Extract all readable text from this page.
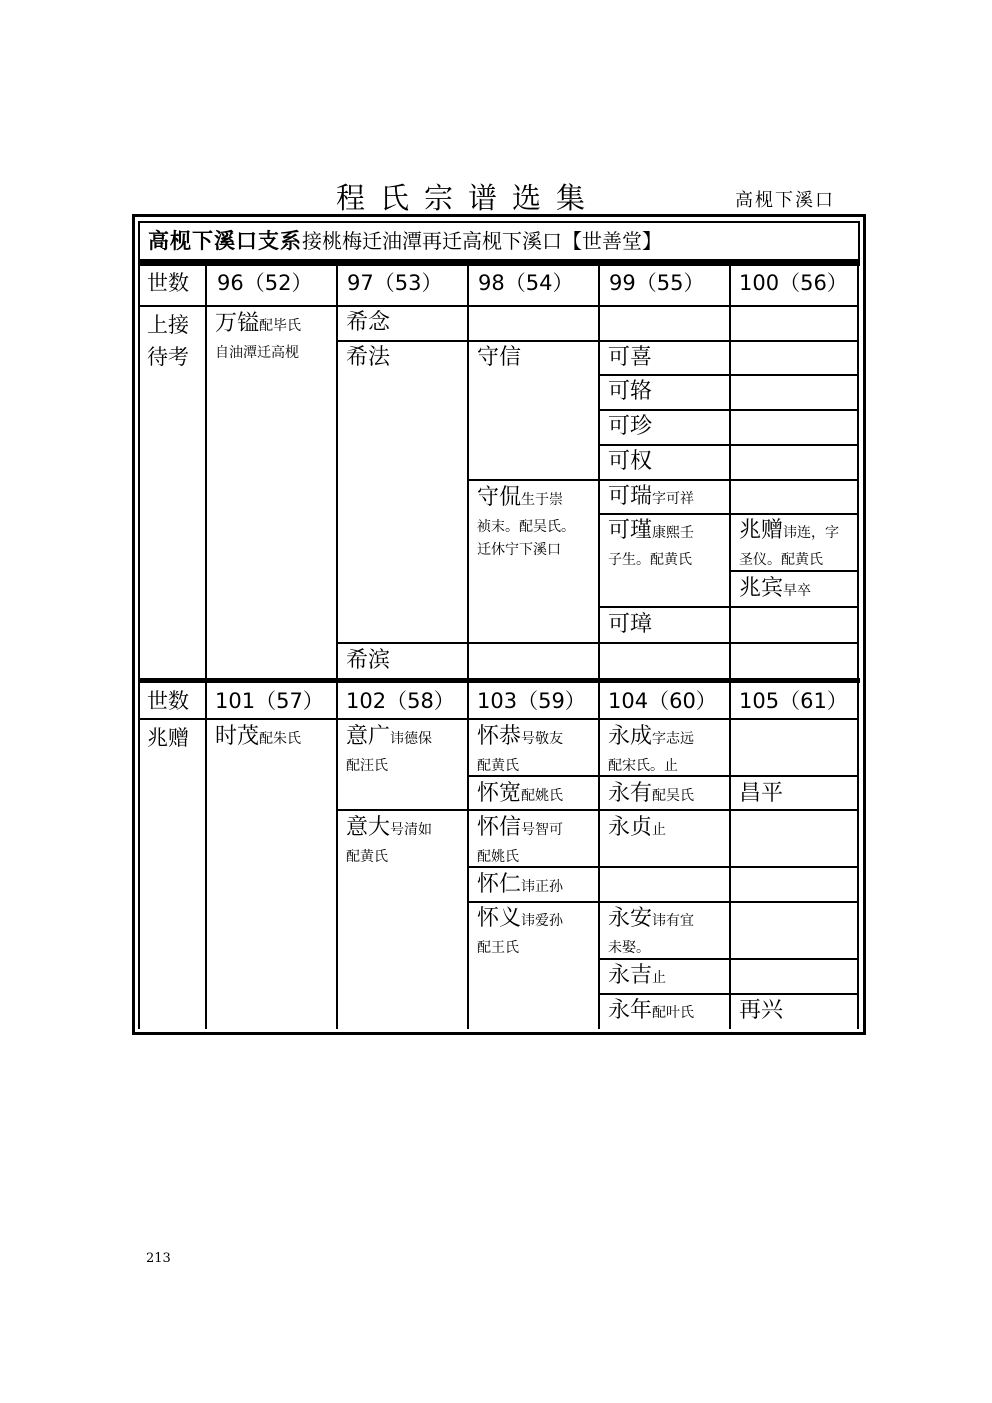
程氏宗谱选集	高枧下溪口
213
高枧下溪口支系接桃梅迁油潭再迁高枧下溪口【世善堂】
世数 96（52） 97（53） 98（54） 99（55） 100（56）
上接待考
万镒配毕氏
自油潭迁高枧
希念
希法
希滨
守信
守侃生于崇
祯末。配吴氏。
迁休宁下溪口
可喜
可辂
可珍
可权
可瑞字可祥
可瑾康熙壬
子生。配黄氏
可璋
兆赠讳连，字
圣仪。配黄氏
兆宾早卒
世数 101（57） 102（58） 103（59） 104（60） 105（61）
兆赠 时茂配朱氏 意广讳德保
配汪氏
意大号清如
配黄氏
怀恭号敬友
配黄氏
怀宽配姚氏
怀信号智可
配姚氏
怀仁讳正孙
怀义讳爱孙
配王氏
永成字志远
配宋氏。止
永有配吴氏
永贞止
永安讳有宜
未娶。
永吉止
永年配叶氏
昌平
再兴
